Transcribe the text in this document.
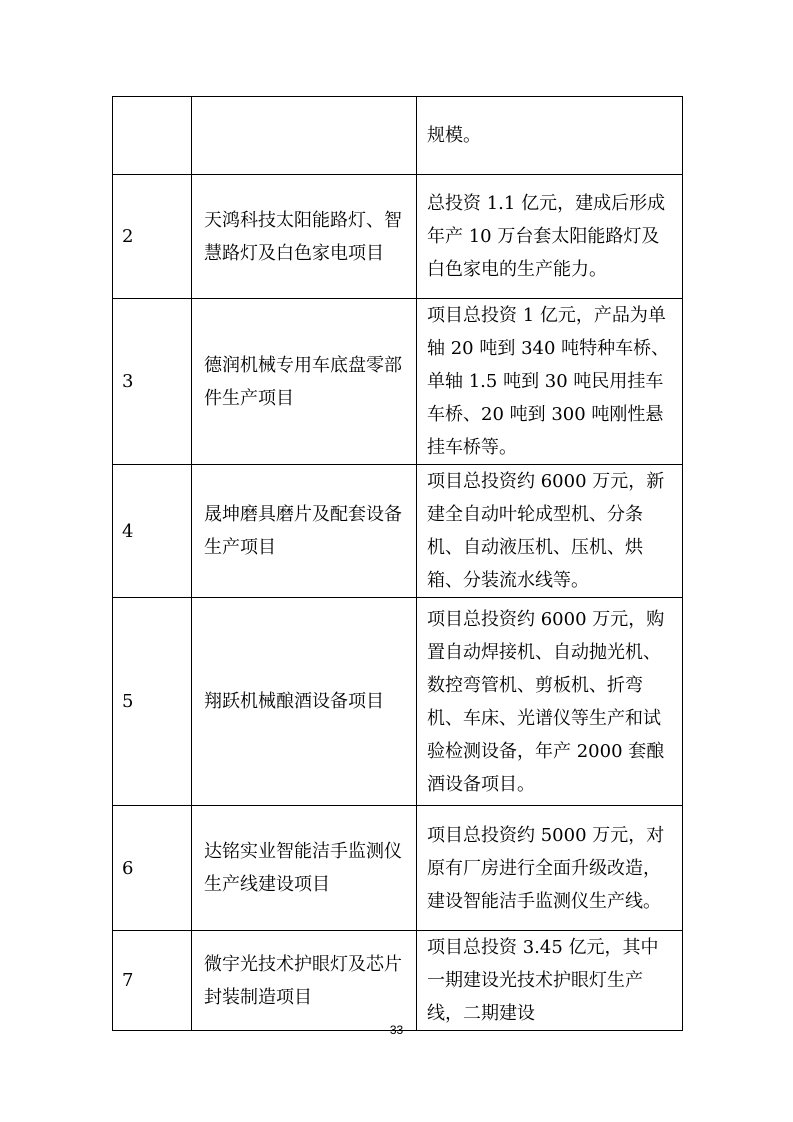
		规模。
2	天鸿科技太阳能路灯、智慧路灯及白色家电项目	总投资 1.1 亿元，建成后形成年产 10 万台套太阳能路灯及白色家电的生产能力。
3	德润机械专用车底盘零部件生产项目	项目总投资 1 亿元，产品为单轴 20 吨到 340 吨特种车桥、单轴 1.5 吨到 30 吨民用挂车车桥、20 吨到 300 吨刚性悬挂车桥等。
4	晟坤磨具磨片及配套设备生产项目	项目总投资约 6000 万元，新建全自动叶轮成型机、分条机、自动液压机、压机、烘箱、分装流水线等。
5	翔跃机械酿酒设备项目	项目总投资约 6000 万元，购置自动焊接机、自动抛光机、数控弯管机、剪板机、折弯机、车床、光谱仪等生产和试验检测设备，年产 2000 套酿酒设备项目。
6	达铭实业智能洁手监测仪生产线建设项目	项目总投资约 5000 万元，对原有厂房进行全面升级改造，建设智能洁手监测仪生产线。
7	微宇光技术护眼灯及芯片封装制造项目	项目总投资 3.45 亿元，其中一期建设光技术护眼灯生产线，二期建设
33
